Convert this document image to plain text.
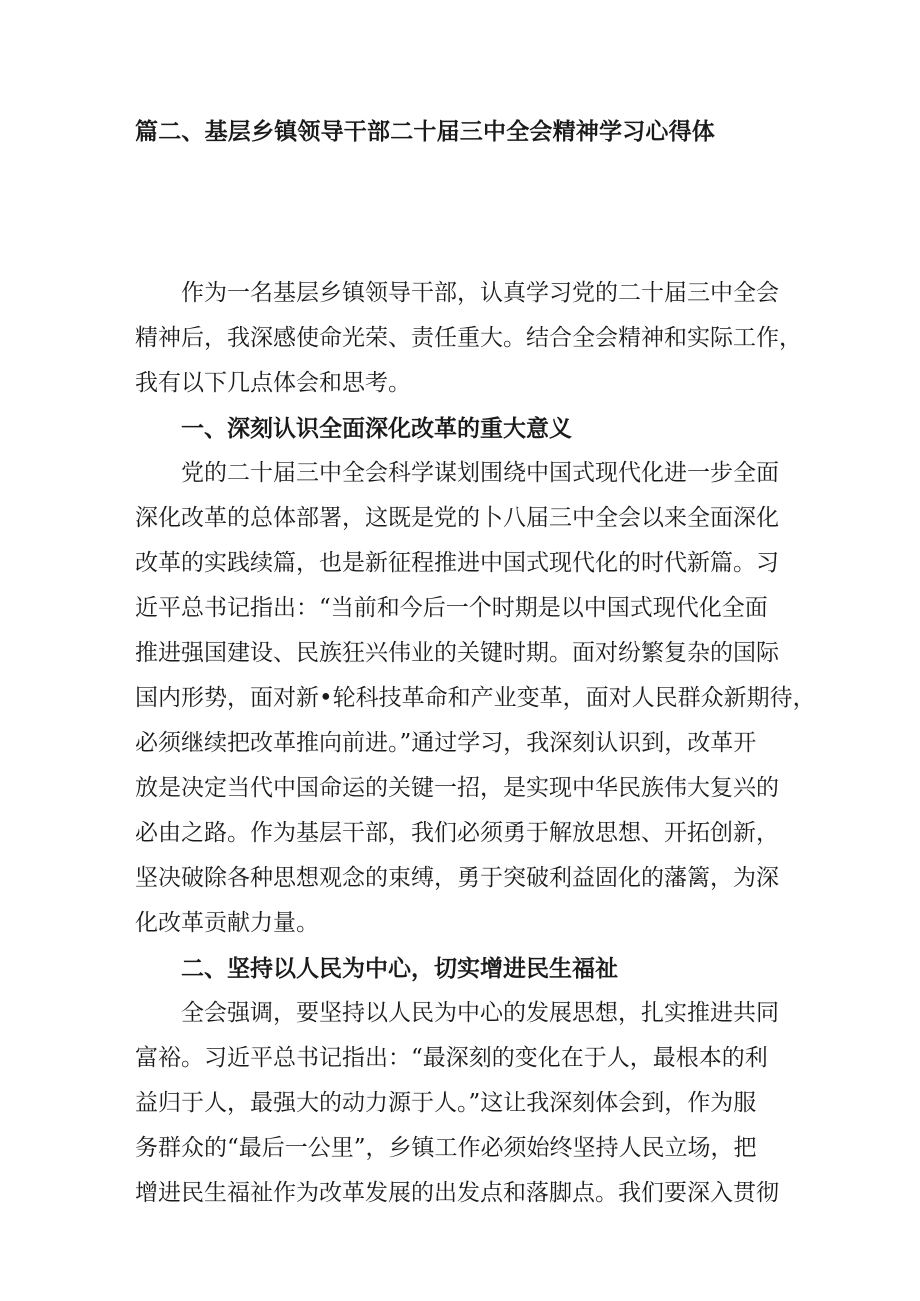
篇二、基层乡镇领导干部二十届三中全会精神学习心得体

作为一名基层乡镇领导干部，认真学习党的二十届三中全会
精神后，我深感使命光荣、责任重大。结合全会精神和实际工作，
我有以下几点体会和思考。

一、深刻认识全面深化改革的重大意义

党的二十届三中全会科学谋划围绕中国式现代化进一步全面
深化改革的总体部署，这既是党的卜八届三中全会以来全面深化
改革的实践续篇，也是新征程推进中国式现代化的时代新篇。习
近平总书记指出：“当前和今后一个时期是以中国式现代化全面
推进强国建设、民族狂兴伟业的关键时期。面对纷繁复杂的国际
国内形势，面对新•轮科技革命和产业变革，面对人民群众新期待，
必须继续把改革推向前进。”通过学习，我深刻认识到，改革开
放是决定当代中国命运的关键一招，是实现中华民族伟大复兴的
必由之路。作为基层干部，我们必须勇于解放思想、开拓创新，
坚决破除各种思想观念的束缚，勇于突破利益固化的藩篱，为深
化改革贡献力量。

二、坚持以人民为中心，切实增进民生福祉

全会强调，要坚持以人民为中心的发展思想，扎实推进共同
富裕。习近平总书记指出：“最深刻的变化在于人，最根本的利
益归于人，最强大的动力源于人。”这让我深刻体会到，作为服
务群众的“最后一公里”，乡镇工作必须始终坚持人民立场，把
增进民生福祉作为改革发展的出发点和落脚点。我们要深入贯彻
